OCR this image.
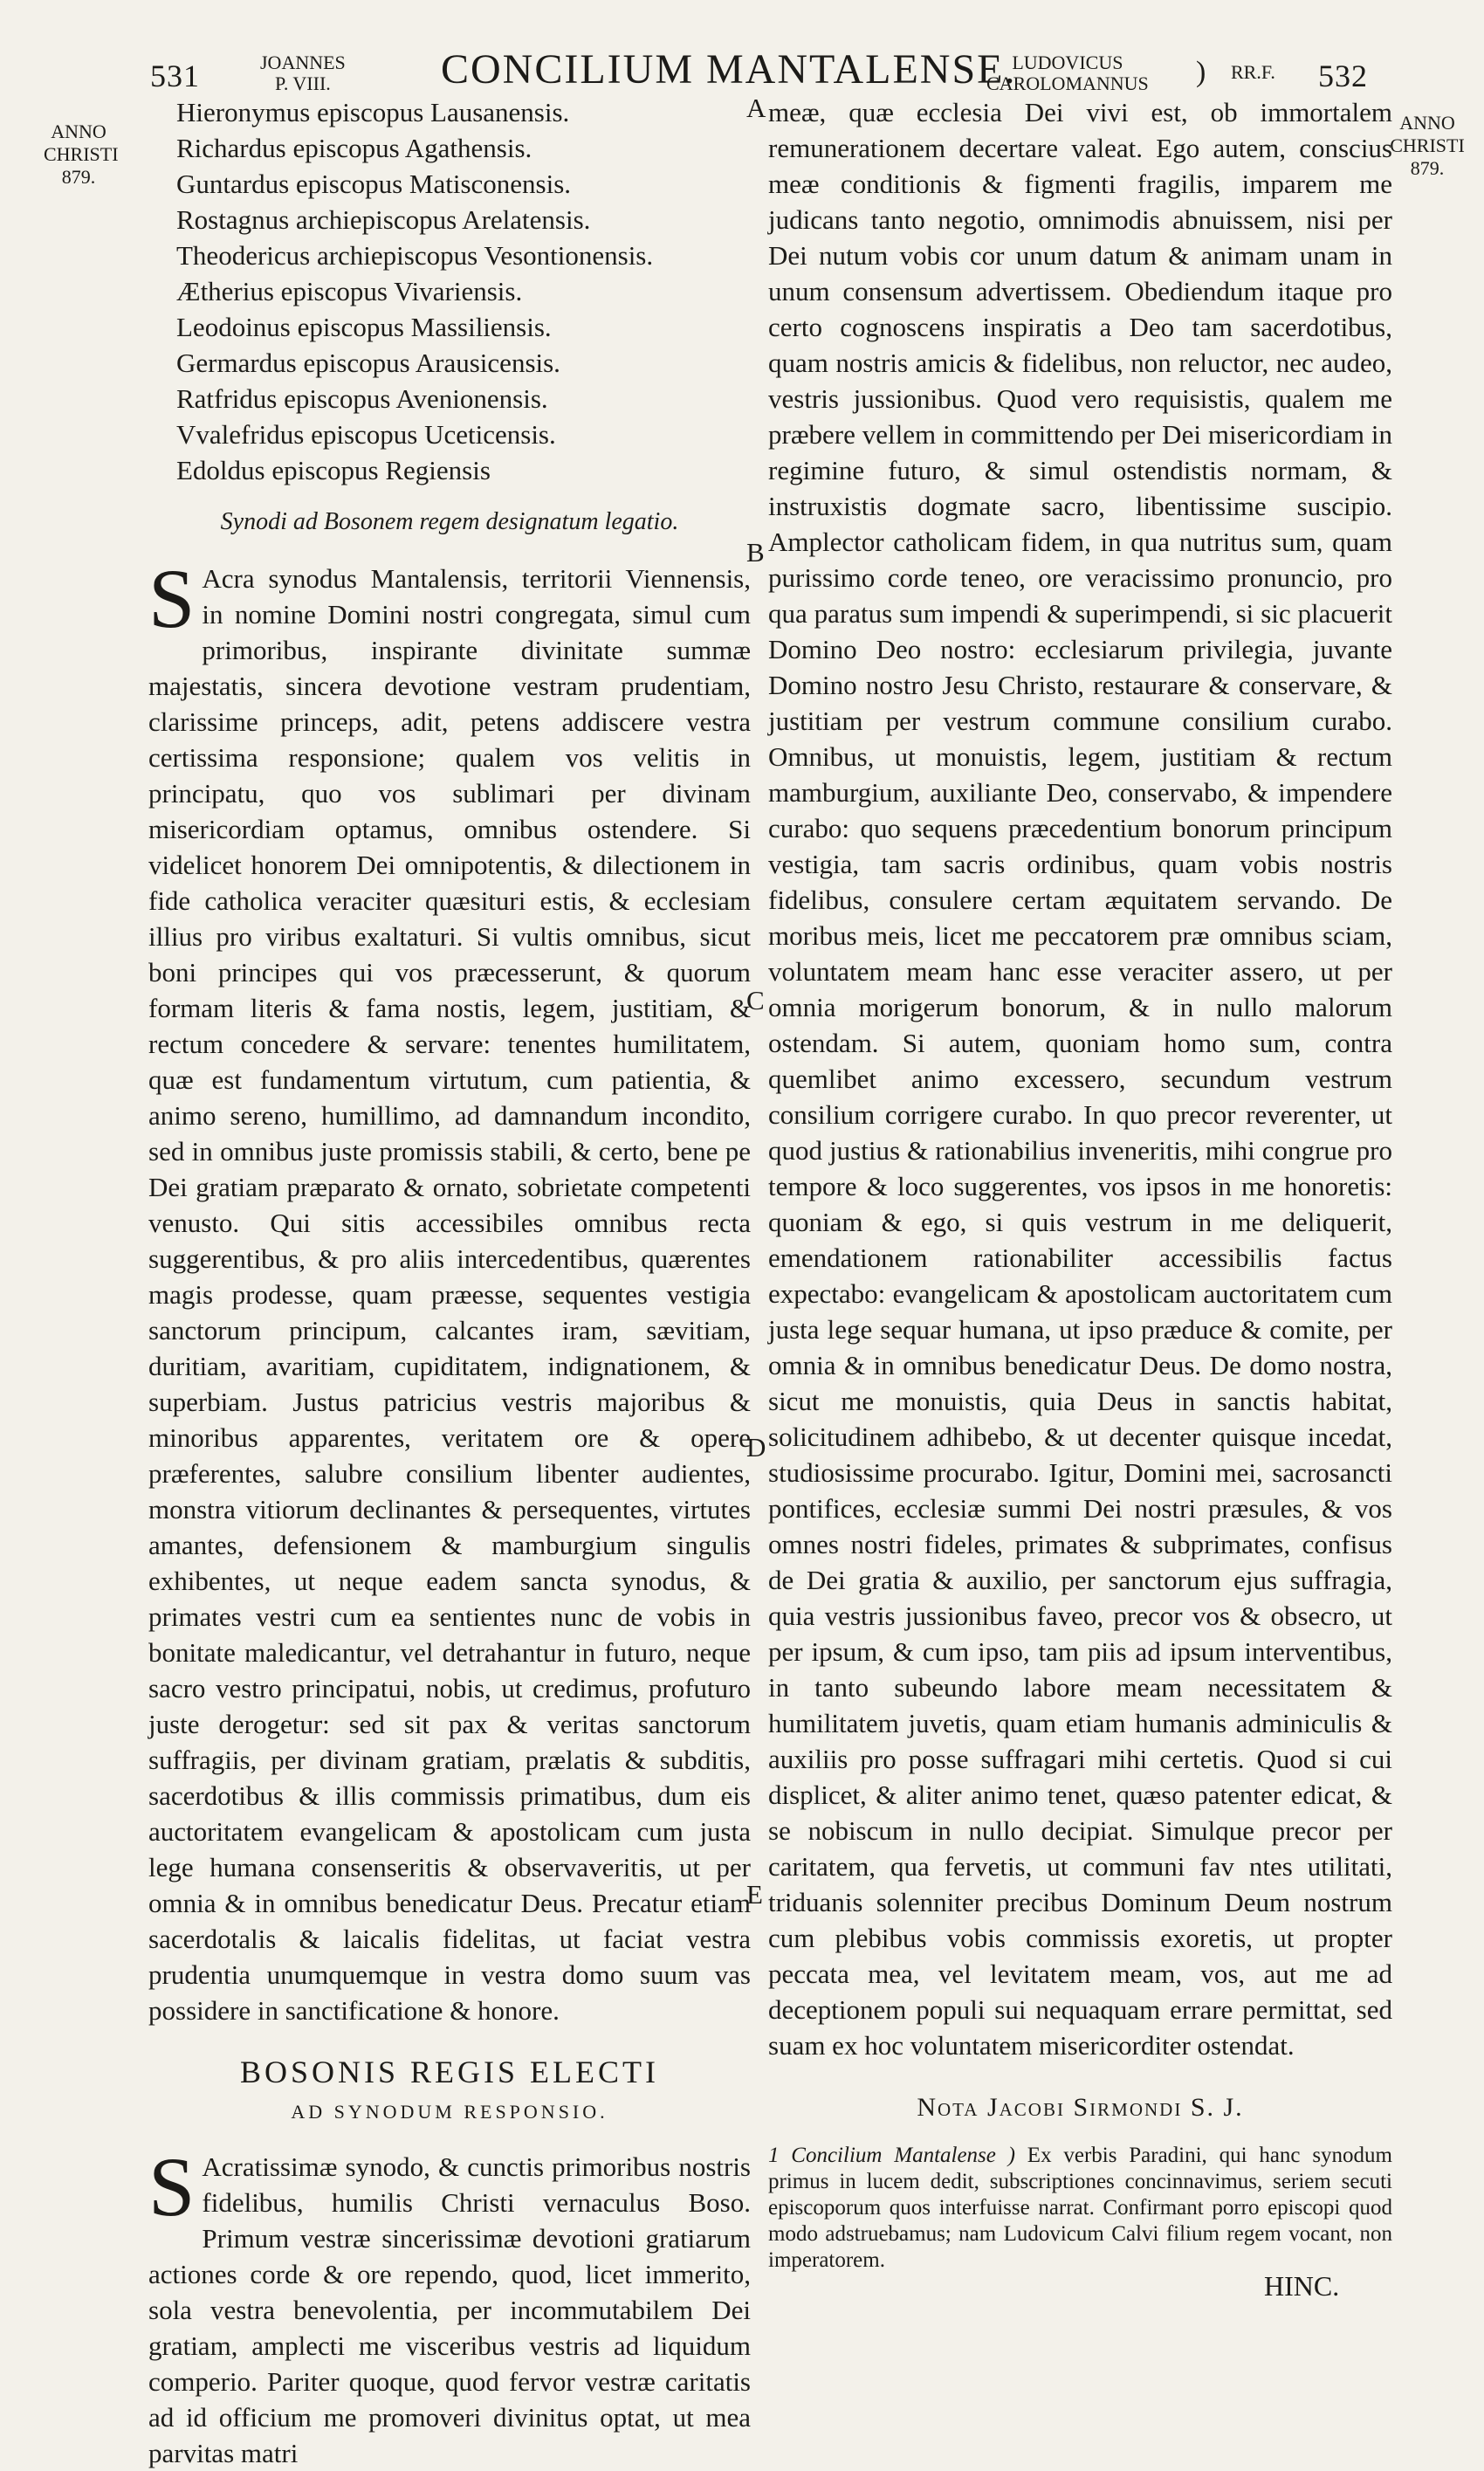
531	JOANNES
P. VIII.	CONCILIUM MANTALENSE.
LUDOVICUS
CAROLOMANNUS ) RR.F. 532
ANNO
CHRISTI
879.
ANNO
CHRISTI
879.

Hieronymus episcopus Lausanensis.

Richardus episcopus Agathensis.

Guntardus episcopus Matisconensis.

Rostagnus archiepiscopus Arelatensis.

Theodericus archiepiscopus Vesontionensis.

Ætherius episcopus Vivariensis.

Leodoinus episcopus Massiliensis.

Germardus episcopus Arausicensis.

Ratfridus episcopus Avenionensis.

Vvalefridus episcopus Uceticensis.

Edoldus episcopus Regiensis

Synodi ad Bosonem regem designatum legatio.

S Acra synodus Mantalensis, territorii Viennensis, in nomine Domini nostri congregata, simul cum primoribus, inspirante divinitate summæ majestatis, sincera devotione vestram prudentiam, clarissime princeps, adit, petens addiscere vestra certissima responsione; qualem vos velitis in principatu, quo vos sublimari per divinam misericordiam optamus, omnibus ostendere. Si videlicet honorem Dei omnipotentis, & dilectionem in fide catholica veraciter quæsituri estis, & ecclesiam illius pro viribus exaltaturi. Si vultis omnibus, sicut boni principes qui vos præcesserunt, & quorum formam literis & fama nostis, legem, justitiam, & rectum concedere & servare: tenentes humilitatem, quæ est fundamentum virtutum, cum patientia, & animo sereno, humillimo, ad damnandum incondito, sed in omnibus juste promissis stabili, & certo, bene pe Dei gratiam præparato & ornato, sobrietate competenti venusto. Qui sitis accessibiles omnibus recta suggerentibus, & pro aliis intercedentibus, quærentes magis prodesse, quam præesse, sequentes vestigia sanctorum principum, calcantes iram, sævitiam, duritiam, avaritiam, cupiditatem, indignationem, & superbiam. Justus patricius vestris majoribus & minoribus apparentes, veritatem ore & opere præferentes, salubre consilium libenter audientes, monstra vitiorum declinantes & persequentes, virtutes amantes, defensionem & mamburgium singulis exhibentes, ut neque eadem sancta synodus, & primates vestri cum ea sentientes nunc de vobis in bonitate maledicantur, vel detrahantur in futuro, neque sacro vestro principatui, nobis, ut credimus, profuturo juste derogetur: sed sit pax & veritas sanctorum suffragiis, per divinam gratiam, prælatis & subditis, sacerdotibus & illis commissis primatibus, dum eis auctoritatem evangelicam & apostolicam cum justa lege humana consenseritis & observaveritis, ut per omnia & in omnibus benedicatur Deus. Precatur etiam sacerdotalis & laicalis fidelitas, ut faciat vestra prudentia unumquemque in vestra domo suum vas possidere in sanctificatione & honore.

BOSONIS REGIS ELECTI
AD SYNODUM RESPONSIO.

S Acratissimæ synodo, & cunctis primoribus nostris fidelibus, humilis Christi vernaculus Boso. Primum vestræ sincerissimæ devotioni gratiarum actiones corde & ore rependo, quod, licet immerito, sola vestra benevolentia, per incommutabilem Dei gratiam, amplecti me visceribus vestris ad liquidum comperio. Pariter quoque, quod fervor vestræ caritatis ad id officium me promoveri divinitus optat, ut mea parvitas matri

A
B
C
D
E

meæ, quæ ecclesia Dei vivi est, ob immortalem remunerationem decertare valeat. Ego autem, conscius meæ conditionis & figmenti fragilis, imparem me judicans tanto negotio, omnimodis abnuissem, nisi per Dei nutum vobis cor unum datum & animam unam in unum consensum advertissem. Obediendum itaque pro certo cognoscens inspiratis a Deo tam sacerdotibus, quam nostris amicis & fidelibus, non reluctor, nec audeo, vestris jussionibus. Quod vero requisistis, qualem me præbere vellem in committendo per Dei misericordiam in regimine futuro, & simul ostendistis normam, & instruxistis dogmate sacro, libentissime suscipio. Amplector catholicam fidem, in qua nutritus sum, quam purissimo corde teneo, ore veracissimo pronuncio, pro qua paratus sum impendi & superimpendi, si sic placuerit Domino Deo nostro: ecclesiarum privilegia, juvante Domino nostro Jesu Christo, restaurare & conservare, & justitiam per vestrum commune consilium curabo. Omnibus, ut monuistis, legem, justitiam & rectum mamburgium, auxiliante Deo, conservabo, & impendere curabo: quo sequens præcedentium bonorum principum vestigia, tam sacris ordinibus, quam vobis nostris fidelibus, consulere certam æquitatem servando. De moribus meis, licet me peccatorem præ omnibus sciam, voluntatem meam hanc esse veraciter assero, ut per omnia morigerum bonorum, & in nullo malorum ostendam. Si autem, quoniam homo sum, contra quemlibet animo excessero, secundum vestrum consilium corrigere curabo. In quo precor reverenter, ut quod justius & rationabilius inveneritis, mihi congrue pro tempore & loco suggerentes, vos ipsos in me honoretis: quoniam & ego, si quis vestrum in me deliquerit, emendationem rationabiliter accessibilis factus expectabo: evangelicam & apostolicam auctoritatem cum justa lege sequar humana, ut ipso præduce & comite, per omnia & in omnibus benedicatur Deus. De domo nostra, sicut me monuistis, quia Deus in sanctis habitat, solicitudinem adhibebo, & ut decenter quisque incedat, studiosissime procurabo. Igitur, Domini mei, sacrosancti pontifices, ecclesiæ summi Dei nostri præsules, & vos omnes nostri fideles, primates & subprimates, confisus de Dei gratia & auxilio, per sanctorum ejus suffragia, quia vestris jussionibus faveo, precor vos & obsecro, ut per ipsum, & cum ipso, tam piis ad ipsum interventibus, in tanto subeundo labore meam necessitatem & humilitatem juvetis, quam etiam humanis adminiculis & auxiliis pro posse suffragari mihi certetis. Quod si cui displicet, & aliter animo tenet, quæso patenter edicat, & se nobiscum in nullo decipiat. Simulque precor per caritatem, qua fervetis, ut communi fav ntes utilitati, triduanis solenniter precibus Dominum Deum nostrum cum plebibus vobis commissis exoretis, ut propter peccata mea, vel levitatem meam, vos, aut me ad deceptionem populi sui nequaquam errare permittat, sed suam ex hoc voluntatem misericorditer ostendat.

Nota Jacobi Sirmondi S. J.
1 Concilium Mantalense ) Ex verbis Paradini, qui hanc synodum primus in lucem dedit, subscriptiones concinnavimus, seriem secuti episcoporum quos interfuisse narrat. Confirmant porro episcopi quod modo adstruebamus; nam Ludovicum Calvi filium regem vocant, non imperatorem.
HINC.
